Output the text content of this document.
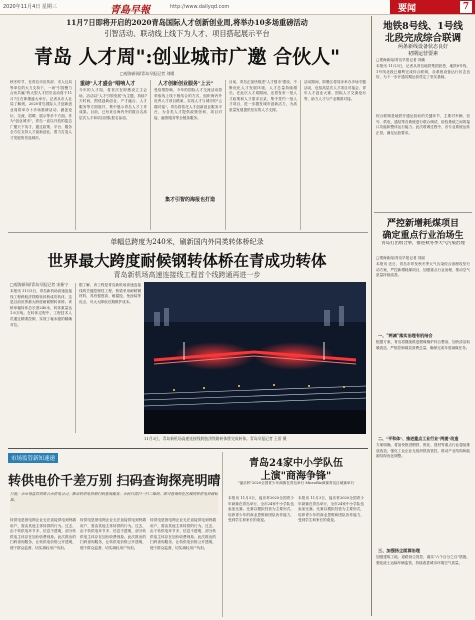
2020年11月4日 星期三	青島早報	http://www.dailyqd.com	要闻	7
11月7日即将开启的2020青岛国际人才创新创业周,将举办10多场重磅活动
引智活动、联动线上线下为人才、项目搭起展示平台
青岛 人才周":创业城市广邀 合伙人"
□观海新闻/青岛早报记者 刘暖
秋冬时节，在青岛市宣传部、市人社局等单位的大力支持下，一场"引智聚力 合伙共赢"的大型人才招引活动将于11月7日在即墨盛大举行。记者从市人社局了解到，2020青岛国际人才创新创业周将举办十多场重磅活动，涵盖论坛、交流、招聘、展示等多个方面。作为"创业城市"，青岛一直以开放的姿态广邀天下英才，通过政策、平台、服务全方位支持人才创新创业，着力打造人才发展的首选城市。
重磅"人才盛会"唱响人才
今年的人才周，将首次在即墨设立主会场，活动以"人才引领发展"为主题，持续7天时间，围绕创新创业、产才融合、人才服务等方面展开，集中展示青岛人才工作成果。目前，已有来自海内外的数百名高层次人才和项目团队报名参加。
人才创新创业服务"上云"
受疫情影响，今年的国际人才交流活动将采取线上线下相结合的方式，组织海内外优秀人才项目路演，实现人才与城市的"云端对接"。青岛将依托人才创新创业服务平台，为各类人才提供政策咨询、项目对接、融资服务等全链条服务。
目前，青岛正加快推进"人才强市"建设，不断优化人才发展环境，人才总量持续增长。在此次人才周期间，还将发布一批人才政策和人才需求目录，集中签约一批人才项目，进一步激发城市创新活力，为高质量发展提供坚实的人才支撑。
活动期间，即墨区将同步举办多场专题活动，包括高层次人才项目对接会、青年人才创业大赛、国际人才交流论坛等，助力人才与产业精准对接。
集才引智的海报也打造
单幅总跨度为240米，刷新国内外同类转体桥纪录
世界最大跨度耐候钢转体桥在青成功转体
青岛新机场高速连接线工程首个线跨通再进一步
□观海新闻/青岛早报记者 宋新宁
本报讯 11月3日，青岛新机场高速连接线工程跨胶济铁路转体桥成功转体，这是目前世界最大跨度耐候钢转体桥。该桥单幅转体总长度240米，转体重量达1.8万吨。在转体过程中，工程技术人员通过精准控制，实现了毫米级的精确对位。
据了解，该工程是青岛新机场高速连接线的关键控制性工程，桥梁采用耐候钢材料，具有强度高、耐腐蚀、免涂装等优点，可大大降低后期维护成本。
11月3日，青岛新机场高速连接线跨胶济铁路转体桥完成转体。青岛早报记者 王雷 摄
市场监管新知速递
转供电价千差万别 扫码查询探亮明晴
日前，市市场监管局联合市供电公司，推出转供电价格扫码查询服务，市民只需扫一扫二维码，即可查询所在区域的转供电价格标准。
转供电是指电网企业无法直接供电到终端用户，需由其他主体转供的行为。过去，由于转供电环节多、信息不透明，部分转供电主体存在加价收费现象。此次推出的扫码查询服务，让转供电价格公开透明，便于群众监督，切实减轻用户负担。
转供电是指电网企业无法直接供电到终端用户，需由其他主体转供的行为。过去，由于转供电环节多、信息不透明，部分转供电主体存在加价收费现象。此次推出的扫码查询服务，让转供电价格公开透明，便于群众监督，切实减轻用户负担。
转供电是指电网企业无法直接供电到终端用户，需由其他主体转供的行为。过去，由于转供电环节多、信息不透明，部分转供电主体存在加价收费现象。此次推出的扫码查询服务，让转供电价格公开透明，便于群众监督，切实减轻用户负担。
青岛24家中小学队伍
上演"商海争锋"
"福乐杯"2020全国青少年商赛在青岛举行 MicroBiz商赛青岛区域赛举行
本报讯 11月3日，福乐杯2020全国青少年商赛在青岛举行，全市24家中小学队伍参加比赛。比赛以模拟经营为主要形式，培养青少年的商业思维和团队协作能力，受到学生和家长的欢迎。
本报讯 11月3日，福乐杯2020全国青少年商赛在青岛举行，全市24家中小学队伍参加比赛。比赛以模拟经营为主要形式，培养青少年的商业思维和团队协作能力，受到学生和家长的欢迎。
地铁8号线、1号线
北段完成综合联调
两条新线设备状态良好
初期运营要素
□观海新闻/青岛早报记者 刘鹏
本报讯 11月3日，记者从青岛地铁集团获悉，地铁8号线、1号线北段已顺利完成综合联调，各系统设备运行状态良好，为下一步开通初期运营奠定了坚实基础。
综合联调是地铁开通运营前的关键环节，主要对车辆、信号、供电、通信等各系统进行联合调试，检验系统之间的接口功能和整体运行能力。此次联调过程中，各专业系统运转正常，满足运营要求。
严控新增耗煤项目
确定重点行业治场生
青岛打出组合拳，推进秋冬季大气污染治理
□观海新闻/青岛早报记者 刘丽
本报讯 近日，青岛市印发秋冬季大气污染综合治理攻坚行动方案，严控新增耗煤项目，加强重点行业治理，推动空气质量持续改善。
一、"两减"落实治理有机结合
根据方案，青岛将继续推进燃煤锅炉综合整治，加快清洁取暖改造，严格控制煤炭消费总量，确保完成年度减煤任务。
二、"平和体"、推进重点工业行业"两提"改造
方案明确，将加快推进钢铁、焦化、建材等重点行业超低排放改造，强化工业企业无组织排放管控，推动产业结构和能源结构优化调整。
三、加强扬尘面源治理
加强建筑工地、道路扬尘管控，落实"六个百分之百"措施，强化渣土运输车辆监管，持续改善城市环境空气质量。
